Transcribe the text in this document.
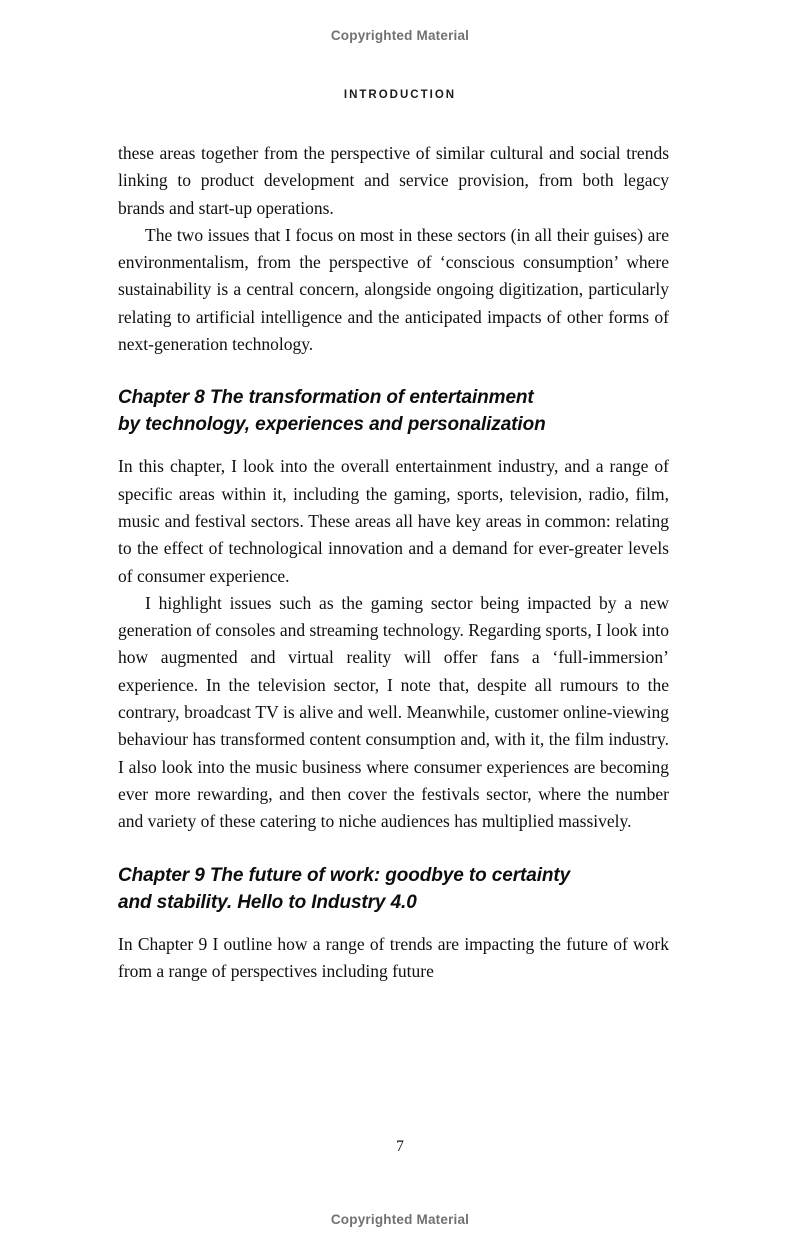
Copyrighted Material
INTRODUCTION

these areas together from the perspective of similar cultural and social trends linking to product development and service provision, from both legacy brands and start-up operations.

The two issues that I focus on most in these sectors (in all their guises) are environmentalism, from the perspective of ‘conscious consumption’ where sustainability is a central concern, alongside ongoing digitization, particularly relating to artificial intelligence and the anticipated impacts of other forms of next-generation technology.

Chapter 8 The transformation of entertainment
by technology, experiences and personalization

In this chapter, I look into the overall entertainment industry, and a range of specific areas within it, including the gaming, sports, television, radio, film, music and festival sectors. These areas all have key areas in common: relating to the effect of technological innovation and a demand for ever-greater levels of consumer experience.

I highlight issues such as the gaming sector being impacted by a new generation of consoles and streaming technology. Regarding sports, I look into how augmented and virtual reality will offer fans a ‘full-immersion’ experience. In the television sector, I note that, despite all rumours to the contrary, broadcast TV is alive and well. Meanwhile, customer online-viewing behaviour has transformed content consumption and, with it, the film industry. I also look into the music business where consumer experiences are becoming ever more rewarding, and then cover the festivals sector, where the number and variety of these catering to niche audiences has multiplied massively.

Chapter 9 The future of work: goodbye to certainty
and stability. Hello to Industry 4.0

In Chapter 9 I outline how a range of trends are impacting the future of work from a range of perspectives including future

7
Copyrighted Material
